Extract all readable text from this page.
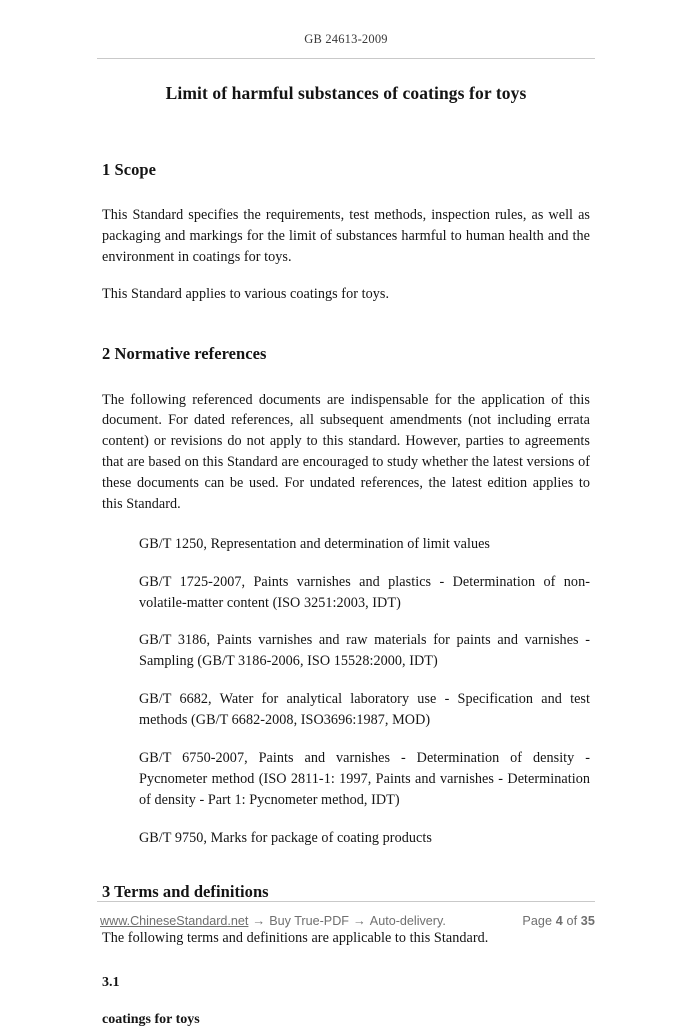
GB 24613-2009
Limit of harmful substances of coatings for toys
1 Scope

This Standard specifies the requirements, test methods, inspection rules, as well as packaging and markings for the limit of substances harmful to human health and the environment in coatings for toys.

This Standard applies to various coatings for toys.

2 Normative references

The following referenced documents are indispensable for the application of this document. For dated references, all subsequent amendments (not including errata content) or revisions do not apply to this standard. However, parties to agreements that are based on this Standard are encouraged to study whether the latest versions of these documents can be used. For undated references, the latest edition applies to this Standard.

GB/T 1250, Representation and determination of limit values

GB/T 1725-2007, Paints varnishes and plastics - Determination of non-volatile-matter content (ISO 3251:2003, IDT)

GB/T 3186, Paints varnishes and raw materials for paints and varnishes - Sampling (GB/T 3186-2006, ISO 15528:2000, IDT)

GB/T 6682, Water for analytical laboratory use - Specification and test methods (GB/T 6682-2008, ISO3696:1987, MOD)

GB/T 6750-2007, Paints and varnishes - Determination of density - Pycnometer method (ISO 2811-1: 1997, Paints and varnishes - Determination of density - Part 1: Pycnometer method, IDT)

GB/T 9750, Marks for package of coating products

3 Terms and definitions

The following terms and definitions are applicable to this Standard.

3.1

coatings for toys

www.ChineseStandard.net → Buy True-PDF → Auto-delivery.	Page 4 of 35
